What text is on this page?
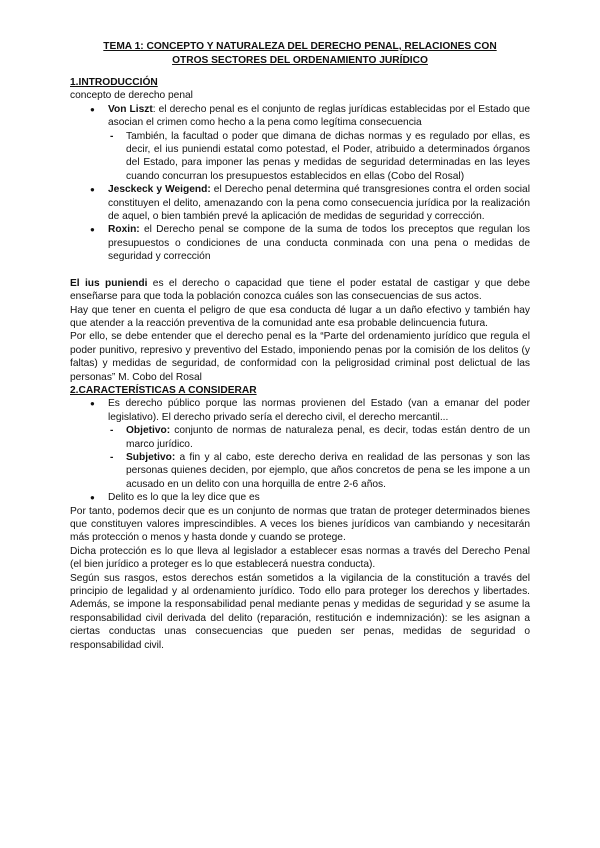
TEMA 1: CONCEPTO Y NATURALEZA DEL DERECHO PENAL, RELACIONES CON
OTROS SECTORES DEL ORDENAMIENTO JURÍDICO

1.INTRODUCCIÓN

concepto de derecho penal

● Von Liszt: el derecho penal es el conjunto de reglas jurídicas establecidas por el Estado que asocian el crimen como hecho a la pena como legítima consecuencia
- También, la facultad o poder que dimana de dichas normas y es regulado por ellas, es decir, el ius puniendi estatal como potestad, el Poder, atribuido a determinados órganos del Estado, para imponer las penas y medidas de seguridad determinadas en las leyes cuando concurran los presupuestos establecidos en ellas (Cobo del Rosal)
● Jesckeck y Weigend: el Derecho penal determina qué transgresiones contra el orden social constituyen el delito, amenazando con la pena como consecuencia jurídica por la realización de aquel, o bien también prevé la aplicación de medidas de seguridad y corrección.
● Roxin: el Derecho penal se compone de la suma de todos los preceptos que regulan los presupuestos o condiciones de una conducta conminada con una pena o medidas de seguridad y corrección

El ius puniendi es el derecho o capacidad que tiene el poder estatal de castigar y que debe enseñarse para que toda la población conozca cuáles son las consecuencias de sus actos.

Hay que tener en cuenta el peligro de que esa conducta dé lugar a un daño efectivo y también hay que atender a la reacción preventiva de la comunidad ante esa probable delincuencia futura.

Por ello, se debe entender que el derecho penal es la “Parte del ordenamiento jurídico que regula el poder punitivo, represivo y preventivo del Estado, imponiendo penas por la comisión de los delitos (y faltas) y medidas de seguridad, de conformidad con la peligrosidad criminal post delictual de las personas” M. Cobo del Rosal

2.CARACTERÍSTICAS A CONSIDERAR

● Es derecho público porque las normas provienen del Estado (van a emanar del poder legislativo). El derecho privado sería el derecho civil, el derecho mercantil...
- Objetivo: conjunto de normas de naturaleza penal, es decir, todas están dentro de un marco jurídico.
- Subjetivo: a fin y al cabo, este derecho deriva en realidad de las personas y son las personas quienes deciden, por ejemplo, que años concretos de pena se les impone a un acusado en un delito con una horquilla de entre 2-6 años.
● Delito es lo que la ley dice que es

Por tanto, podemos decir que es un conjunto de normas que tratan de proteger determinados bienes que constituyen valores imprescindibles. A veces los bienes jurídicos van cambiando y necesitarán más protección o menos y hasta donde y cuando se protege.

Dicha protección es lo que lleva al legislador a establecer esas normas a través del Derecho Penal (el bien jurídico a proteger es lo que establecerá nuestra conducta).

Según sus rasgos, estos derechos están sometidos a la vigilancia de la constitución a través del principio de legalidad y al ordenamiento jurídico. Todo ello para proteger los derechos y libertades. Además, se impone la responsabilidad penal mediante penas y medidas de seguridad y se asume la responsabilidad civil derivada del delito (reparación, restitución e indemnización): se les asignan a ciertas conductas unas consecuencias que pueden ser penas, medidas de seguridad o responsabilidad civil.
